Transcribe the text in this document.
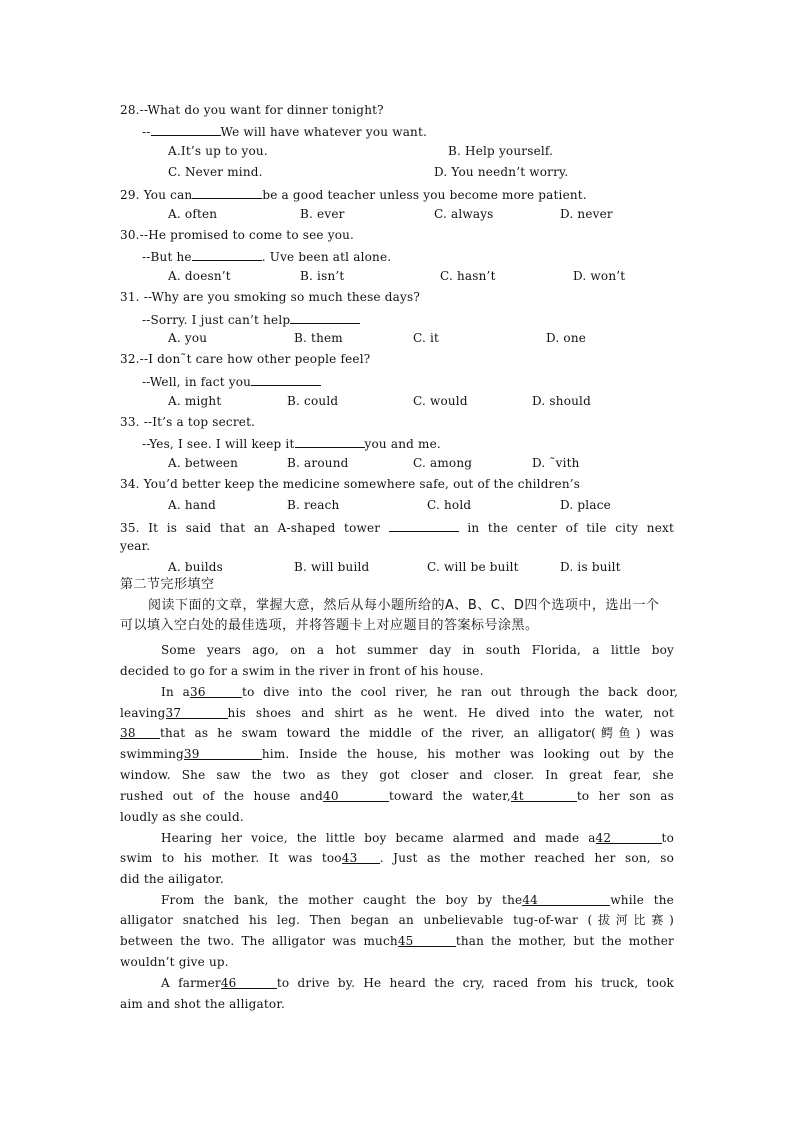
28.--What do you want for dinner tonight?
--	We will have whatever you want.
A.It’s up to you.	B. Help yourself.
C. Never mind.	D. You needn’t worry.
29. You can	be a good teacher unless you become more patient.
A. often	B. ever	C. always	D. never
30.--He promised to come to see you.
--But he	. Uve been atl alone.
A. doesn’t	B. isn’t	C. hasn’t	D. won’t
31. --Why are you smoking so much these days?
--Sorry. I just can’t help
A. you	B. them	C. it	D. one
32.--I don˜t care how other people feel?
--Well, in fact you
A. might	B. could	C. would	D. should
33. --It’s a top secret.
--Yes, I see. I will keep it	you and me.
A. between	B. around	C. among	D. ˜vith
34. You’d better keep the medicine somewhere safe, out of the children’s
A. hand	B. reach	C. hold	D. place
35. It is said that an A-shaped tower	in the center of tile city next
year.
A. builds	B. will build	C. will be built	D. is built
第二节完形填空
阅读下面的文章，掌握大意，然后从每小题所给的A、B、C、D四个选项中，选出一个
可以填入空白处的最佳选项，并将答题卡上对应题目的答案标号涂黑。
Some years ago, on a hot summer day in south Florida, a little boy
decided to go for a swim in the river in front of his house.
In a36	to dive into the cool river, he ran out through the back door,
leaving37	his shoes and shirt as he went. He dived into the water, not
38 that as he swam toward the middle of the river, an alligator(鳄鱼) was
swimming39	him. Inside the house, his mother was looking out by the
window. She saw the two as they got closer and closer. In great fear, she
rushed out of the house and40	toward the water,4t	to her son as
loudly as she could.
Hearing her voice, the little boy became alarmed and made a42	to
swim to his mother. It was too43 . Just as the mother reached her son, so
did the ailigator.
From the bank, the mother caught the boy by the44	while the
alligator snatched his leg. Then began an unbelievable tug-of-war (拔河比赛)
between the two. The alligator was much45	than the mother, but the mother
wouldn’t give up.
A farmer46	to drive by. He heard the cry, raced from his truck, took
aim and shot the alligator.
